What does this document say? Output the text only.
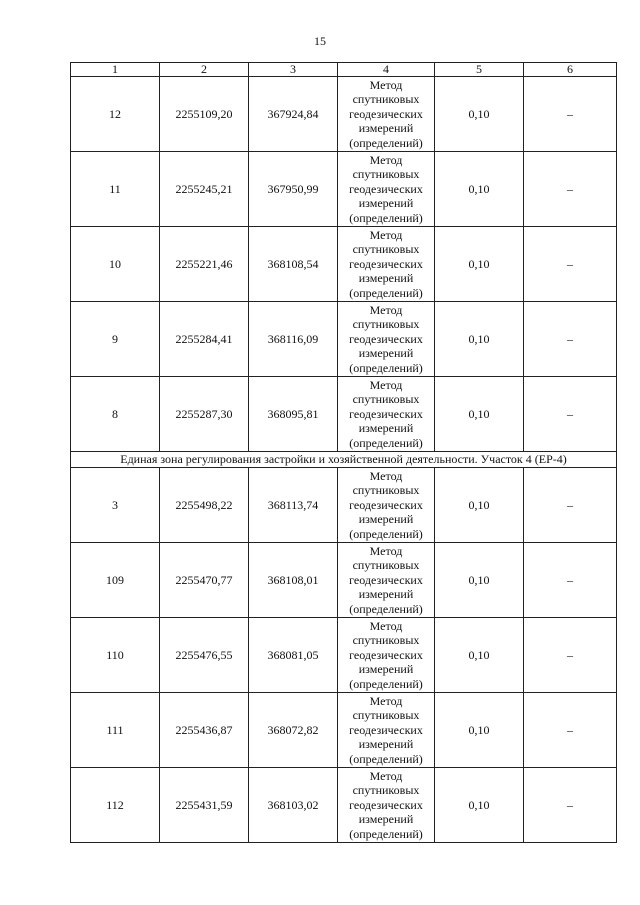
15
1	2	3	4	5	6
12	2255109,20	367924,84	Метод
спутниковых
геодезических
измерений
(определений)	0,10	–
11	2255245,21	367950,99	Метод
спутниковых
геодезических
измерений
(определений)	0,10	–
10	2255221,46	368108,54	Метод
спутниковых
геодезических
измерений
(определений)	0,10	–
9	2255284,41	368116,09	Метод
спутниковых
геодезических
измерений
(определений)	0,10	–
8	2255287,30	368095,81	Метод
спутниковых
геодезических
измерений
(определений)	0,10	–
Единая зона регулирования застройки и хозяйственной деятельности. Участок 4 (ЕР-4)					
3	2255498,22	368113,74	Метод
спутниковых
геодезических
измерений
(определений)	0,10	–
109	2255470,77	368108,01	Метод
спутниковых
геодезических
измерений
(определений)	0,10	–
110	2255476,55	368081,05	Метод
спутниковых
геодезических
измерений
(определений)	0,10	–
111	2255436,87	368072,82	Метод
спутниковых
геодезических
измерений
(определений)	0,10	–
112	2255431,59	368103,02	Метод
спутниковых
геодезических
измерений
(определений)	0,10	–
